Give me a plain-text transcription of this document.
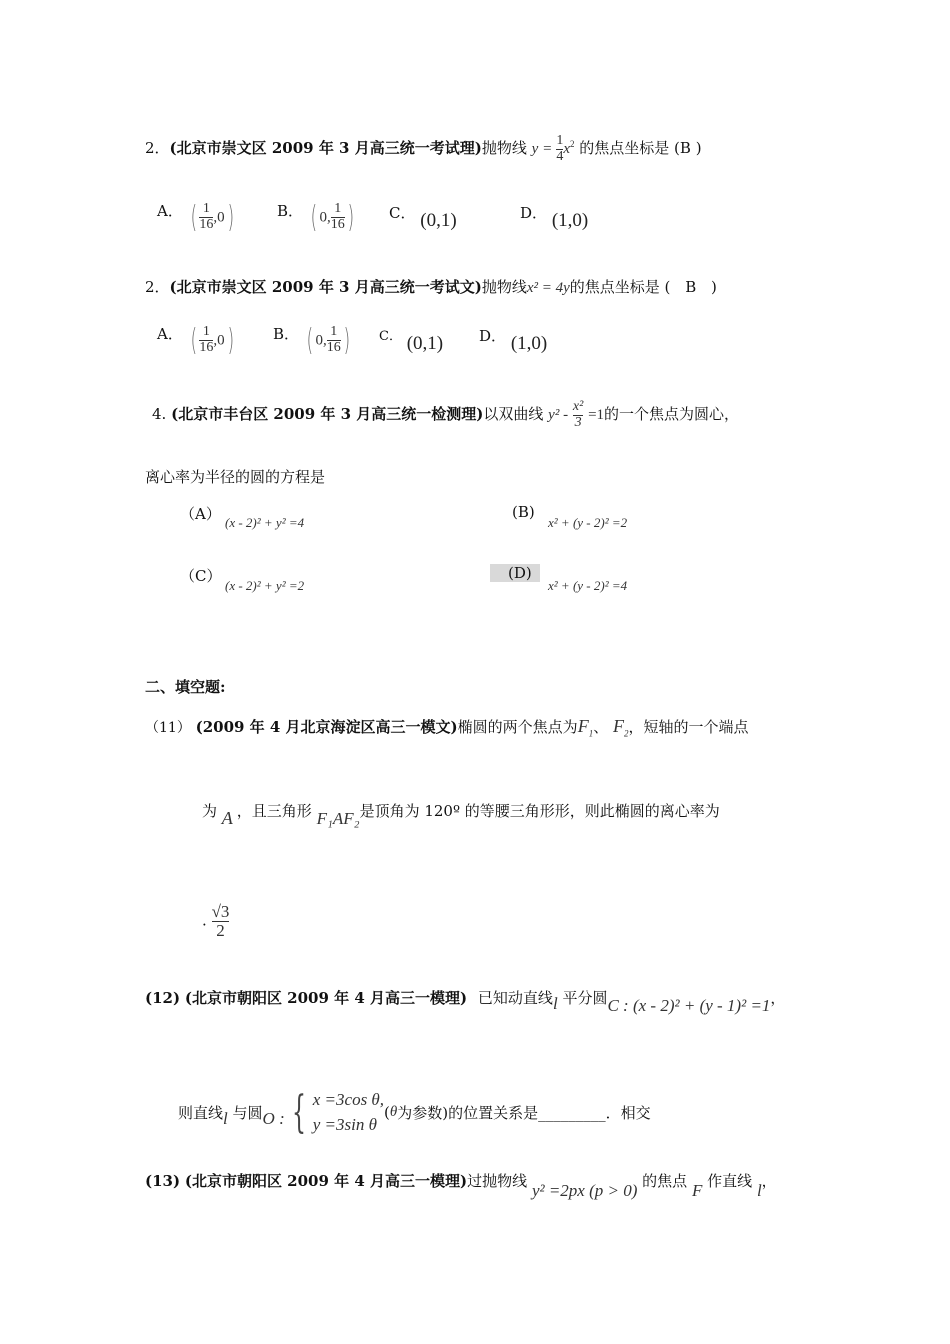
2．(北京市崇文区 2009 年 3 月高三统一考试理)抛物线 $y = \frac{1}{4} x^2$ 的焦点坐标是 (B )
A． ( $\frac{1}{16} ,0$)	B． ( 0, $\frac{1}{16}$ ) C． (0,1)	D． (1,0)
2．(北京市崇文区 2009 年 3 月高三统一考试文)抛物线x² = 4y的焦点坐标是 ( B )
A． ( $\frac{1}{16} ,0$)	B． ( 0, $\frac{1}{16}$ ) C． (0,1) D． (1,0)
4. (北京市丰台区 2009 年 3 月高三统一检测理)以双曲线 $y^2 - \frac{\text{x²}}{3} =1$的一个焦点为圆心，
离心率为半径的圆的方程是
（A） (x - 2)² + y² =4
(B)
x² + (y - 2)² =2
（C）
(x - 2)² + y² =2
(D)
x² + (y - 2)² =4
二、填空题:
（11） (2009 年 4 月北京海淀区高三一模文)椭圆的两个焦点为$F_1$、 $F_2$，短轴的一个端点
为 A ，且三角形 F₁AF₂是顶角为 120º 的等腰三角形形，则此椭圆的离心率为
. $\frac{√3}{2}$
(12) (北京市朝阳区 2009 年 4 月高三一模理) 已知动直线l 平分圆C : (x - 2)² + (y - 1)² =1，
则直线l 与圆O : { x =3cos θ,
y =3sin θ
(θ为参数)的位置关系是_________．相交
(13) (北京市朝阳区 2009 年 4 月高三一模理)过抛物线 y² =2px (p > 0) 的焦点 F 作直线 l，
